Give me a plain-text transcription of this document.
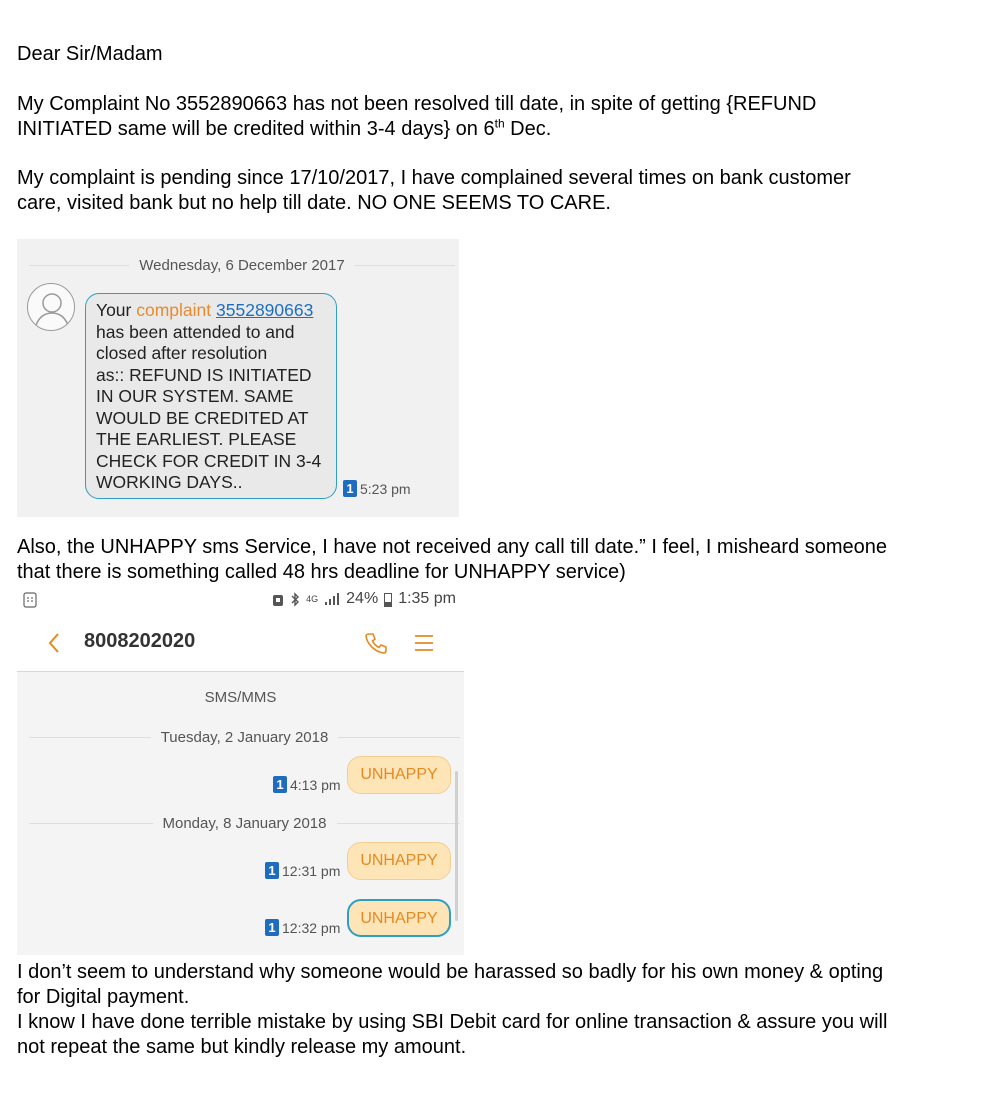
Dear Sir/Madam

My Complaint No 3552890663 has not been resolved till date, in spite of getting {REFUND

INITIATED same will be credited within 3-4 days} on 6th Dec.

My complaint is pending since 17/10/2017, I have complained several times on bank customer

care, visited bank but no help till date. NO ONE SEEMS TO CARE.

Wednesday, 6 December 2017
Your complaint 3552890663
has been attended to and
closed after resolution
as:: REFUND IS INITIATED
IN OUR SYSTEM. SAME
WOULD BE CREDITED AT
THE EARLIEST. PLEASE
CHECK FOR CREDIT IN 3-4
WORKING DAYS..	1 5:23 pm

Also, the UNHAPPY sms Service, I have not received any call till date.” I feel, I misheard someone

that there is something called 48 hrs deadline for UNHAPPY service)

4G 24% 1:35 pm
8008202020
SMS/MMS
Tuesday, 2 January 2018
UNHAPPY
1 4:13 pm
Monday, 8 January 2018
UNHAPPY
1 12:31 pm
UNHAPPY
1 12:32 pm

I don’t seem to understand why someone would be harassed so badly for his own money & opting

for Digital payment.

I know I have done terrible mistake by using SBI Debit card for online transaction & assure you will

not repeat the same but kindly release my amount.
